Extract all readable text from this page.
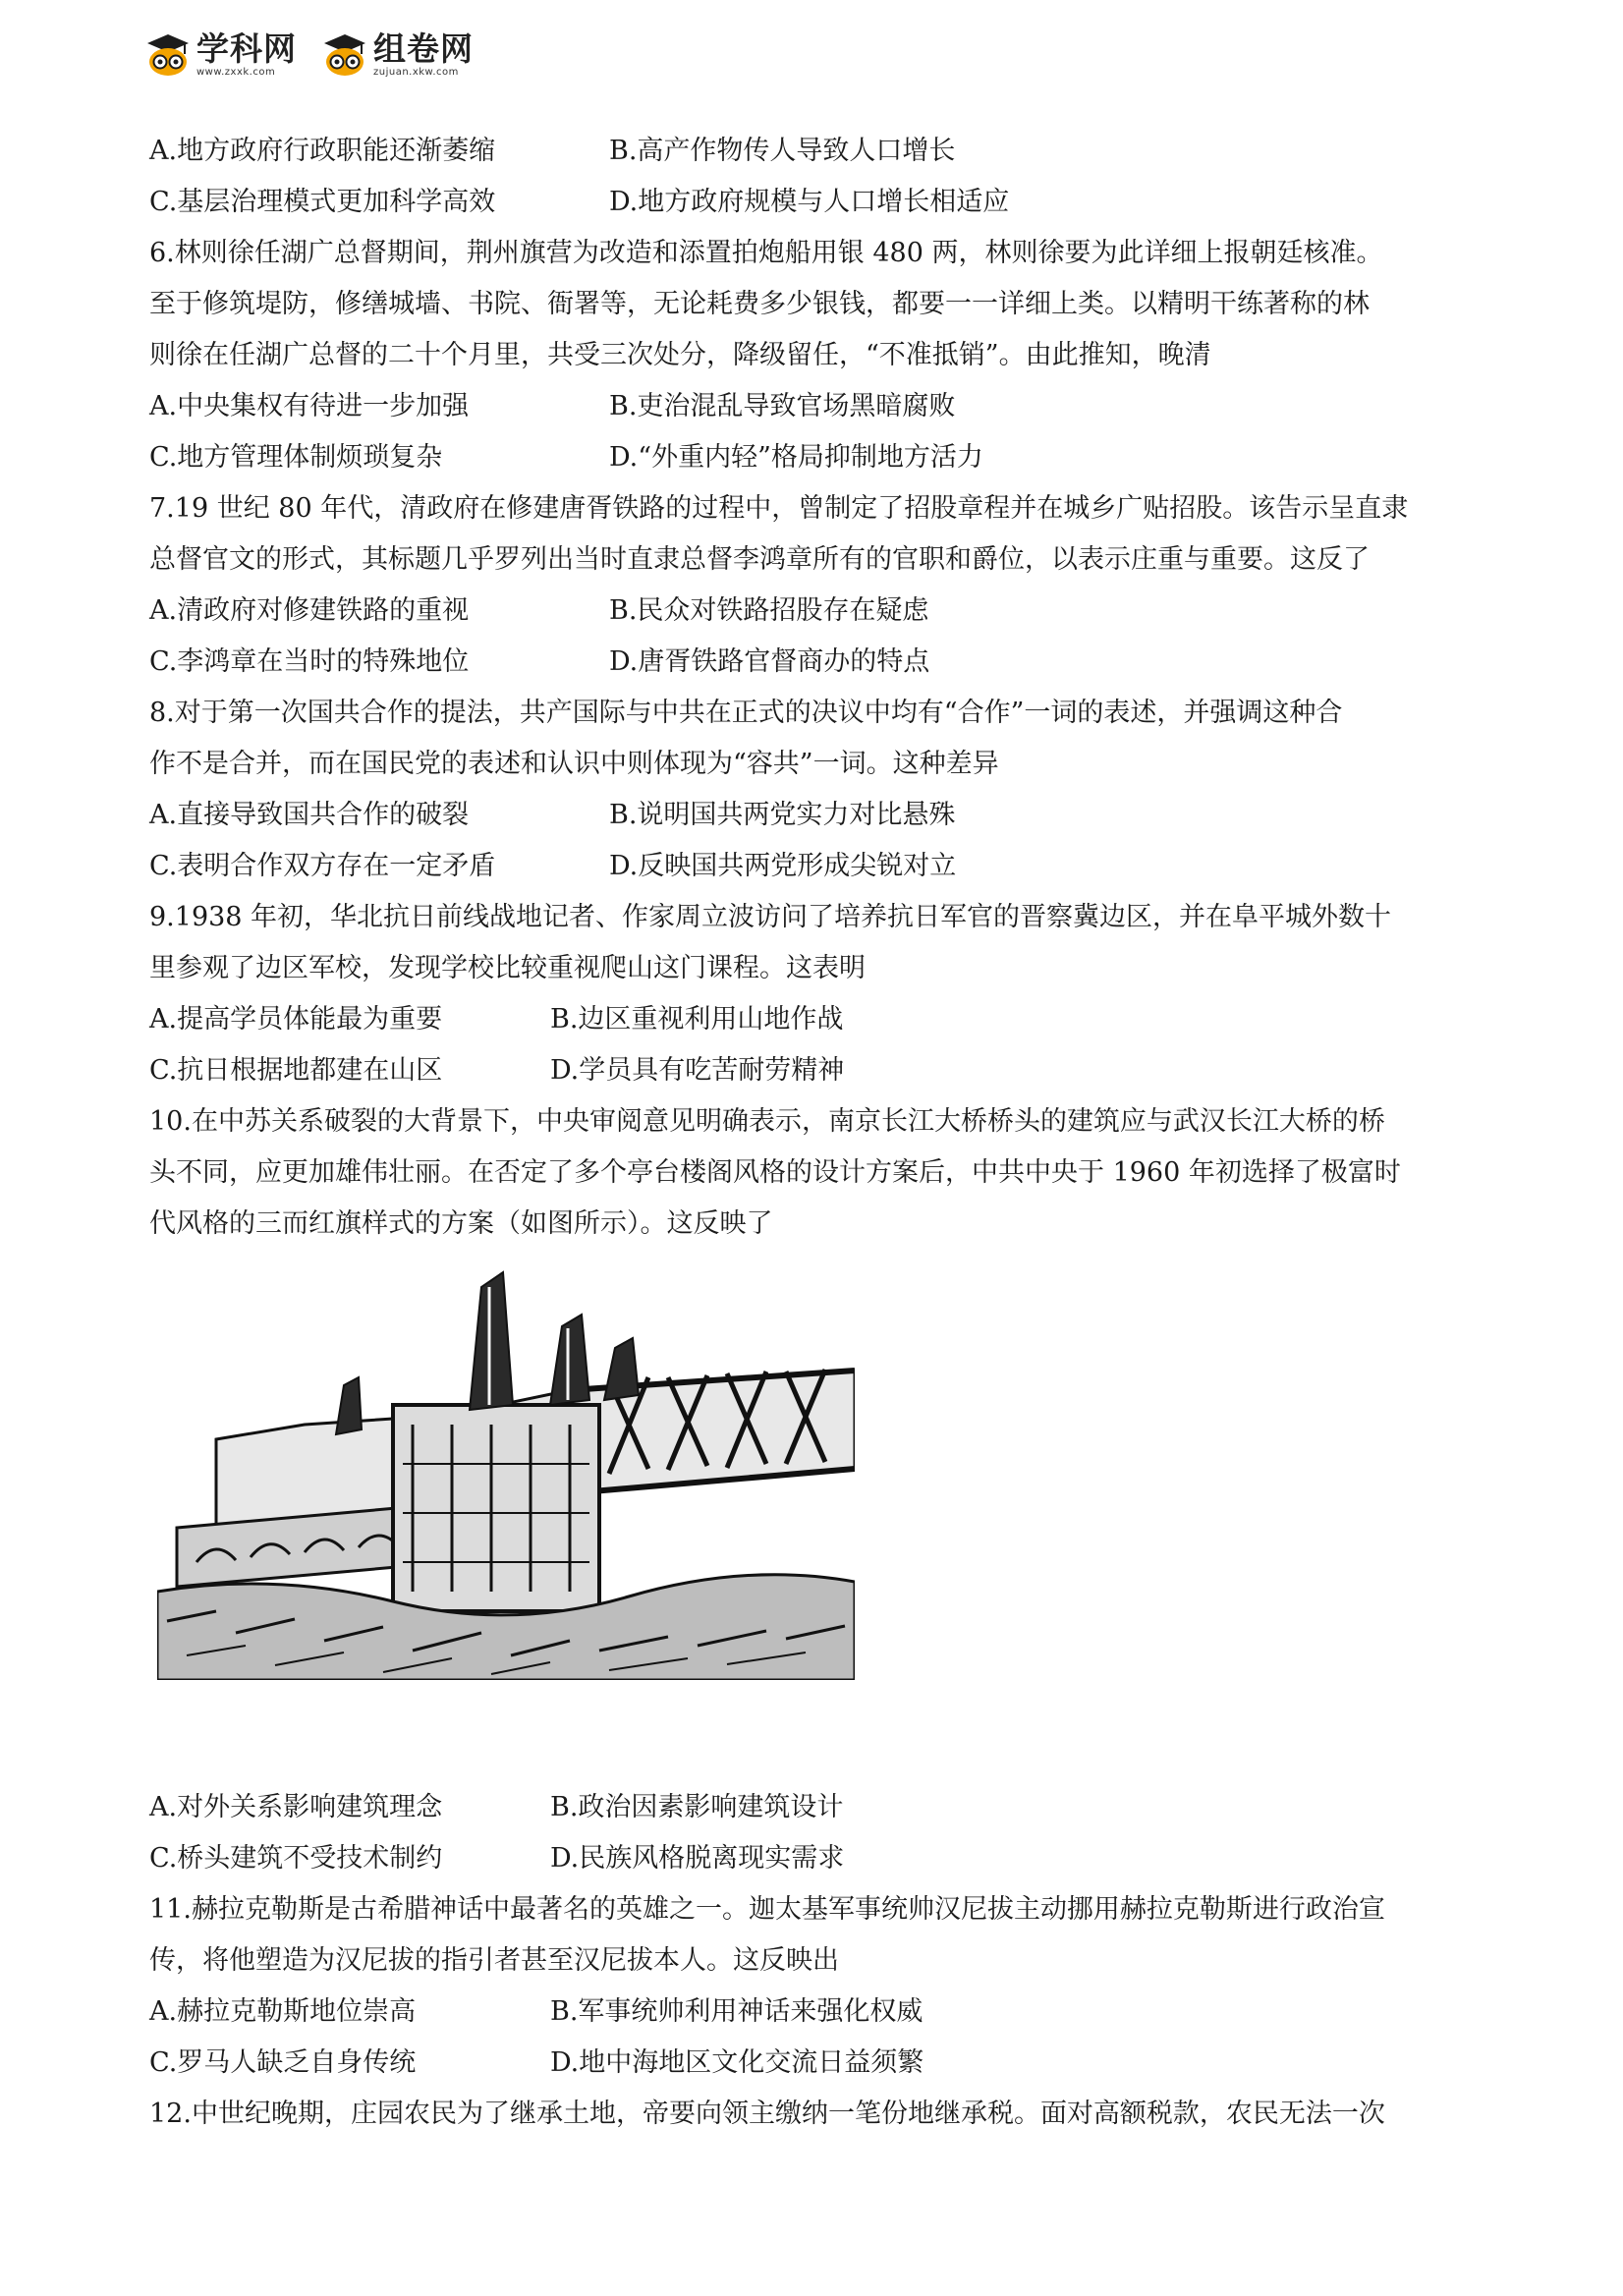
学科网
www.zxxk.com
组卷网
zujuan.xkw.com
A.地方政府行政职能还渐萎缩	B.高产作物传人导致人口增长
C.基层治理模式更加科学高效	D.地方政府规模与人口增长相适应
6.林则徐任湖广总督期间，荆州旗营为改造和添置拍炮船用银 480 两，林则徐要为此详细上报朝廷核准。
至于修筑堤防，修缮城墙、书院、衙署等，无论耗费多少银钱，都要一一详细上类。以精明干练著称的林
则徐在任湖广总督的二十个月里，共受三次处分，降级留任，“不准抵销”。由此推知，晚清
A.中央集权有待进一步加强	B.吏治混乱导致官场黑暗腐败
C.地方管理体制烦琐复杂	D.“外重内轻”格局抑制地方活力
7.19 世纪 80 年代，清政府在修建唐胥铁路的过程中，曾制定了招股章程并在城乡广贴招股。该告示呈直隶
总督官文的形式，其标题几乎罗列出当时直隶总督李鸿章所有的官职和爵位，以表示庄重与重要。这反了
A.清政府对修建铁路的重视	B.民众对铁路招股存在疑虑
C.李鸿章在当时的特殊地位	D.唐胥铁路官督商办的特点
8.对于第一次国共合作的提法，共产国际与中共在正式的决议中均有“合作”一词的表述，并强调这种合
作不是合并，而在国民党的表述和认识中则体现为“容共”一词。这种差异
A.直接导致国共合作的破裂	B.说明国共两党实力对比悬殊
C.表明合作双方存在一定矛盾	D.反映国共两党形成尖锐对立
9.1938 年初，华北抗日前线战地记者、作家周立波访问了培养抗日军官的晋察冀边区，并在阜平城外数十
里参观了边区军校，发现学校比较重视爬山这门课程。这表明
A.提高学员体能最为重要	B.边区重视利用山地作战
C.抗日根据地都建在山区	D.学员具有吃苦耐劳精神
10.在中苏关系破裂的大背景下，中央审阅意见明确表示，南京长江大桥桥头的建筑应与武汉长江大桥的桥
头不同，应更加雄伟壮丽。在否定了多个亭台楼阁风格的设计方案后，中共中央于 1960 年初选择了极富时
代风格的三而红旗样式的方案（如图所示）。这反映了
A.对外关系影响建筑理念	B.政治因素影响建筑设计
C.桥头建筑不受技术制约	D.民族风格脱离现实需求
11.赫拉克勒斯是古希腊神话中最著名的英雄之一。迦太基军事统帅汉尼拔主动挪用赫拉克勒斯进行政治宣
传，将他塑造为汉尼拔的指引者甚至汉尼拔本人。这反映出
A.赫拉克勒斯地位崇高	B.军事统帅利用神话来强化权威
C.罗马人缺乏自身传统	D.地中海地区文化交流日益须繁
12.中世纪晚期，庄园农民为了继承土地，帝要向领主缴纳一笔份地继承税。面对高额税款，农民无法一次
